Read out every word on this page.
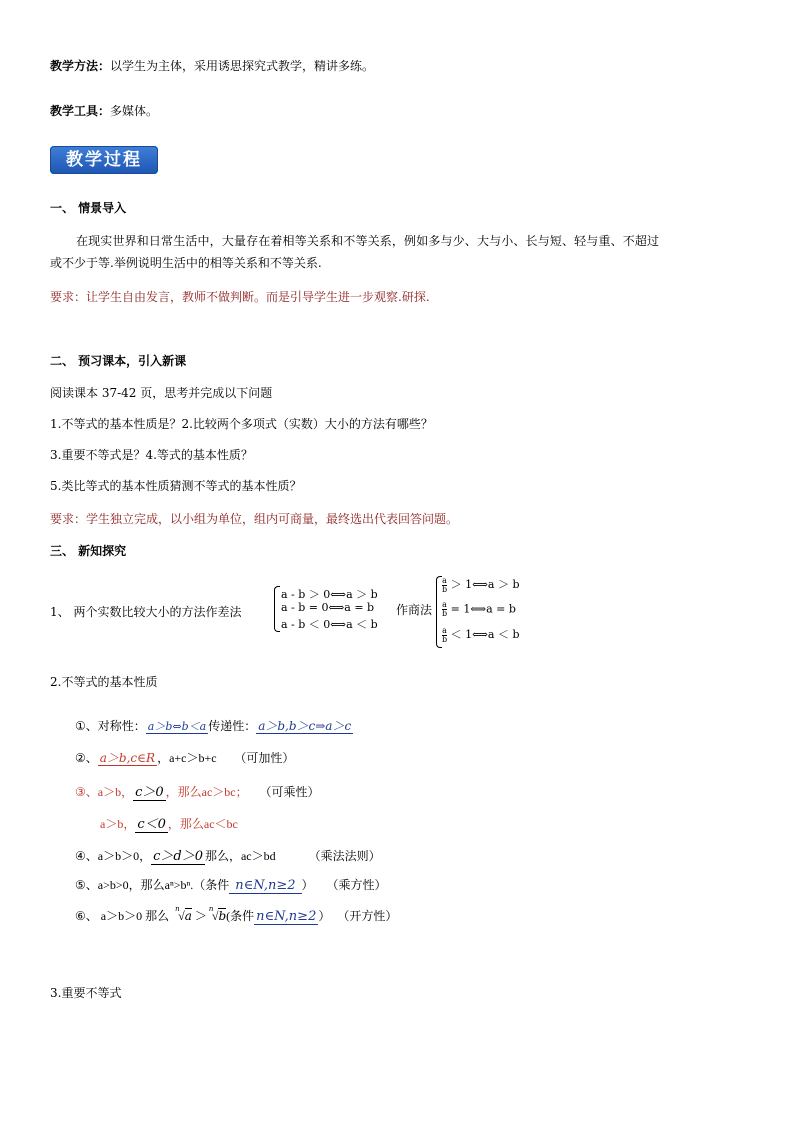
教学方法：以学生为主体，采用诱思探究式教学，精讲多练。
教学工具：多媒体。
教学过程
一、 情景导入
在现实世界和日常生活中，大量存在着相等关系和不等关系，例如多与少、大与小、长与短、轻与重、不超过
或不少于等.举例说明生活中的相等关系和不等关系.
要求：让学生自由发言，教师不做判断。而是引导学生进一步观察.研探.
二、 预习课本，引入新课
阅读课本 37-42 页，思考并完成以下问题
1.不等式的基本性质是？2.比较两个多项式（实数）大小的方法有哪些？
3.重要不等式是？4.等式的基本性质？
5.类比等式的基本性质猜测不等式的基本性质？
要求：学生独立完成，以小组为单位，组内可商量，最终选出代表回答问题。
三、 新知探究
1、 两个实数比较大小的方法作差法
a - b ＞ 0⟺a ＞ b
a - b = 0⟺a = b
a - b ＜ 0⟺a ＜ b
作商法
$\frac{a}{b}$ ＞ 1⟺a ＞ b
$\frac{a}{b}$ = 1⟺a = b
$\frac{a}{b}$ ＜ 1⟺a ＜ b
2.不等式的基本性质
①、对称性： a＞b⇔b＜a 传递性： a＞b,b＞c⇒a＞c
②、 a＞b,c∈R ，a+c＞b+c （可加性）
③、a＞b， c＞0 ，那么ac＞bc； （可乘性）
a＞b， c＜0 ，那么ac＜bc
④、a＞b＞0， c＞d＞0 那么，ac＞bd	（乘法法则）
⑤、a>b>0，那么aⁿ>bⁿ.（条件 n∈N,n≥2 ） （乘方性）
⑥、 a＞b＞0 那么 n
√a ＞ n
√b(条件 n∈N,n≥2 ） （开方性）
3.重要不等式
